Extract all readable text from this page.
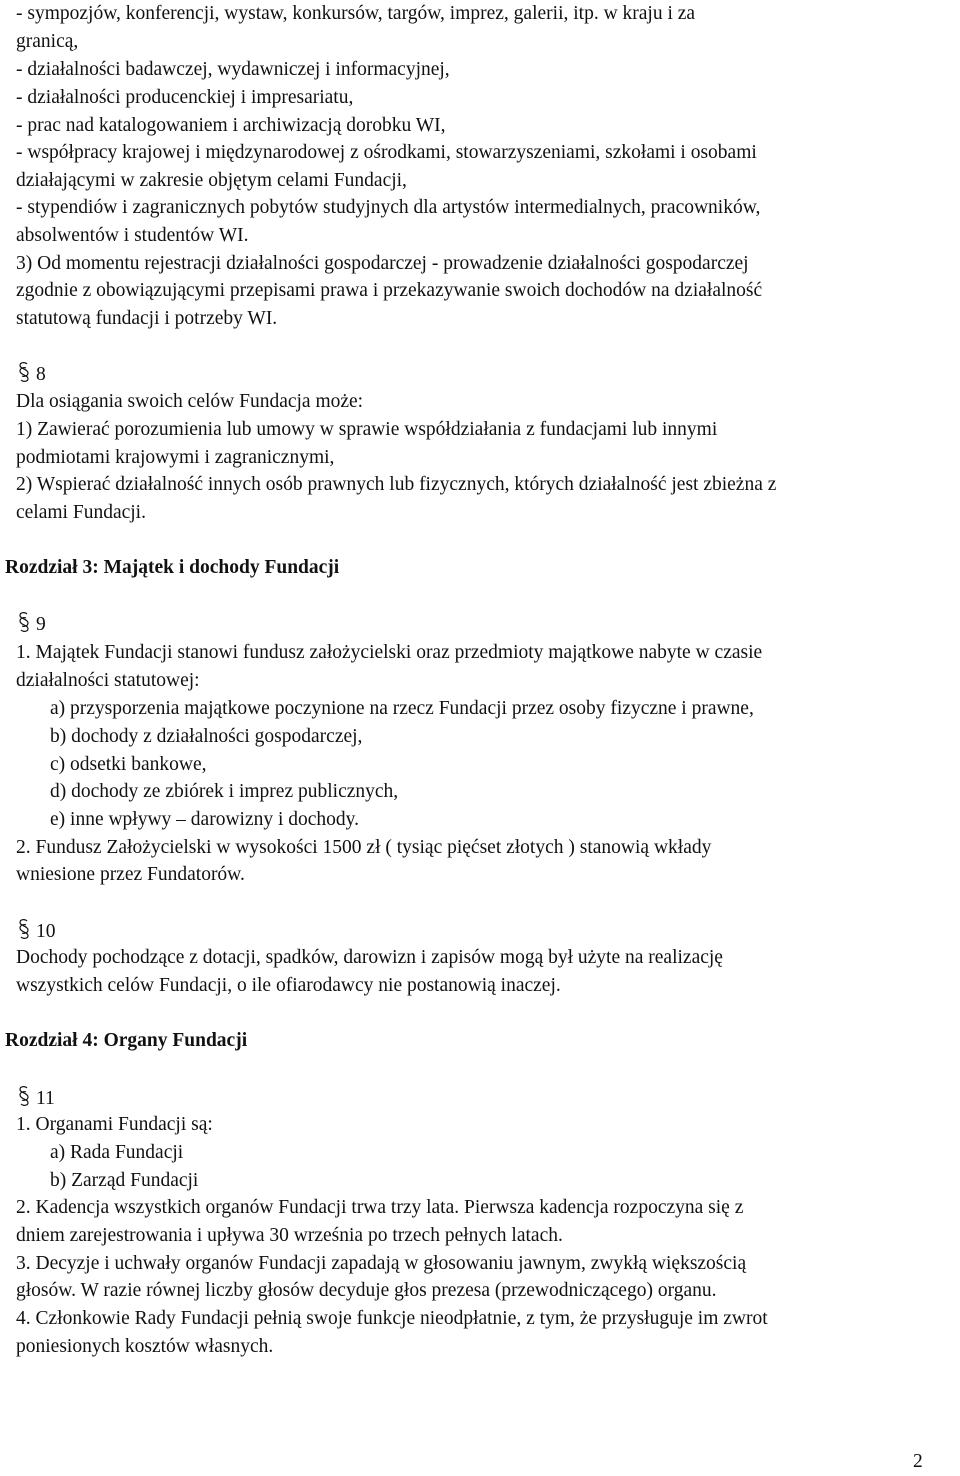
- sympozjów, konferencji, wystaw, konkursów, targów, imprez, galerii, itp. w kraju i za
granicą,
- działalności badawczej, wydawniczej i informacyjnej,
- działalności producenckiej i impresariatu,
- prac nad katalogowaniem i archiwizacją dorobku WI,
- współpracy krajowej i międzynarodowej z ośrodkami, stowarzyszeniami, szkołami i osobami
działającymi w zakresie objętym celami Fundacji,
- stypendiów i zagranicznych pobytów studyjnych dla artystów intermedialnych, pracowników,
absolwentów i studentów WI.
3) Od momentu rejestracji działalności gospodarczej - prowadzenie działalności gospodarczej
zgodnie z obowiązującymi przepisami prawa i przekazywanie swoich dochodów na działalność
statutową fundacji i potrzeby WI.
8
Dla osiągania swoich celów Fundacja może:
1) Zawierać porozumienia lub umowy w sprawie współdziałania z fundacjami lub innymi
podmiotami krajowymi i zagranicznymi,
2) Wspierać działalność innych osób prawnych lub fizycznych, których działalność jest zbieżna z
celami Fundacji.
Rozdział 3: Majątek i dochody Fundacji
9
1. Majątek Fundacji stanowi fundusz założycielski oraz przedmioty majątkowe nabyte w czasie
działalności statutowej:
a) przysporzenia majątkowe poczynione na rzecz Fundacji przez osoby fizyczne i prawne,
b) dochody z działalności gospodarczej,
c) odsetki bankowe,
d) dochody ze zbiórek i imprez publicznych,
e) inne wpływy – darowizny i dochody.
2. Fundusz Założycielski w wysokości 1500 zł ( tysiąc pięćset złotych ) stanowią wkłady
wniesione przez Fundatorów.
10
Dochody pochodzące z dotacji, spadków, darowizn i zapisów mogą był użyte na realizację
wszystkich celów Fundacji, o ile ofiarodawcy nie postanowią inaczej.
Rozdział 4: Organy Fundacji
11
1. Organami Fundacji są:
a) Rada Fundacji
b) Zarząd Fundacji
2. Kadencja wszystkich organów Fundacji trwa trzy lata. Pierwsza kadencja rozpoczyna się z
dniem zarejestrowania i upływa 30 września po trzech pełnych latach.
3. Decyzje i uchwały organów Fundacji zapadają w głosowaniu jawnym, zwykłą większością
głosów. W razie równej liczby głosów decyduje głos prezesa (przewodniczącego) organu.
4. Członkowie Rady Fundacji pełnią swoje funkcje nieodpłatnie, z tym, że przysługuje im zwrot
poniesionych kosztów własnych.
2
